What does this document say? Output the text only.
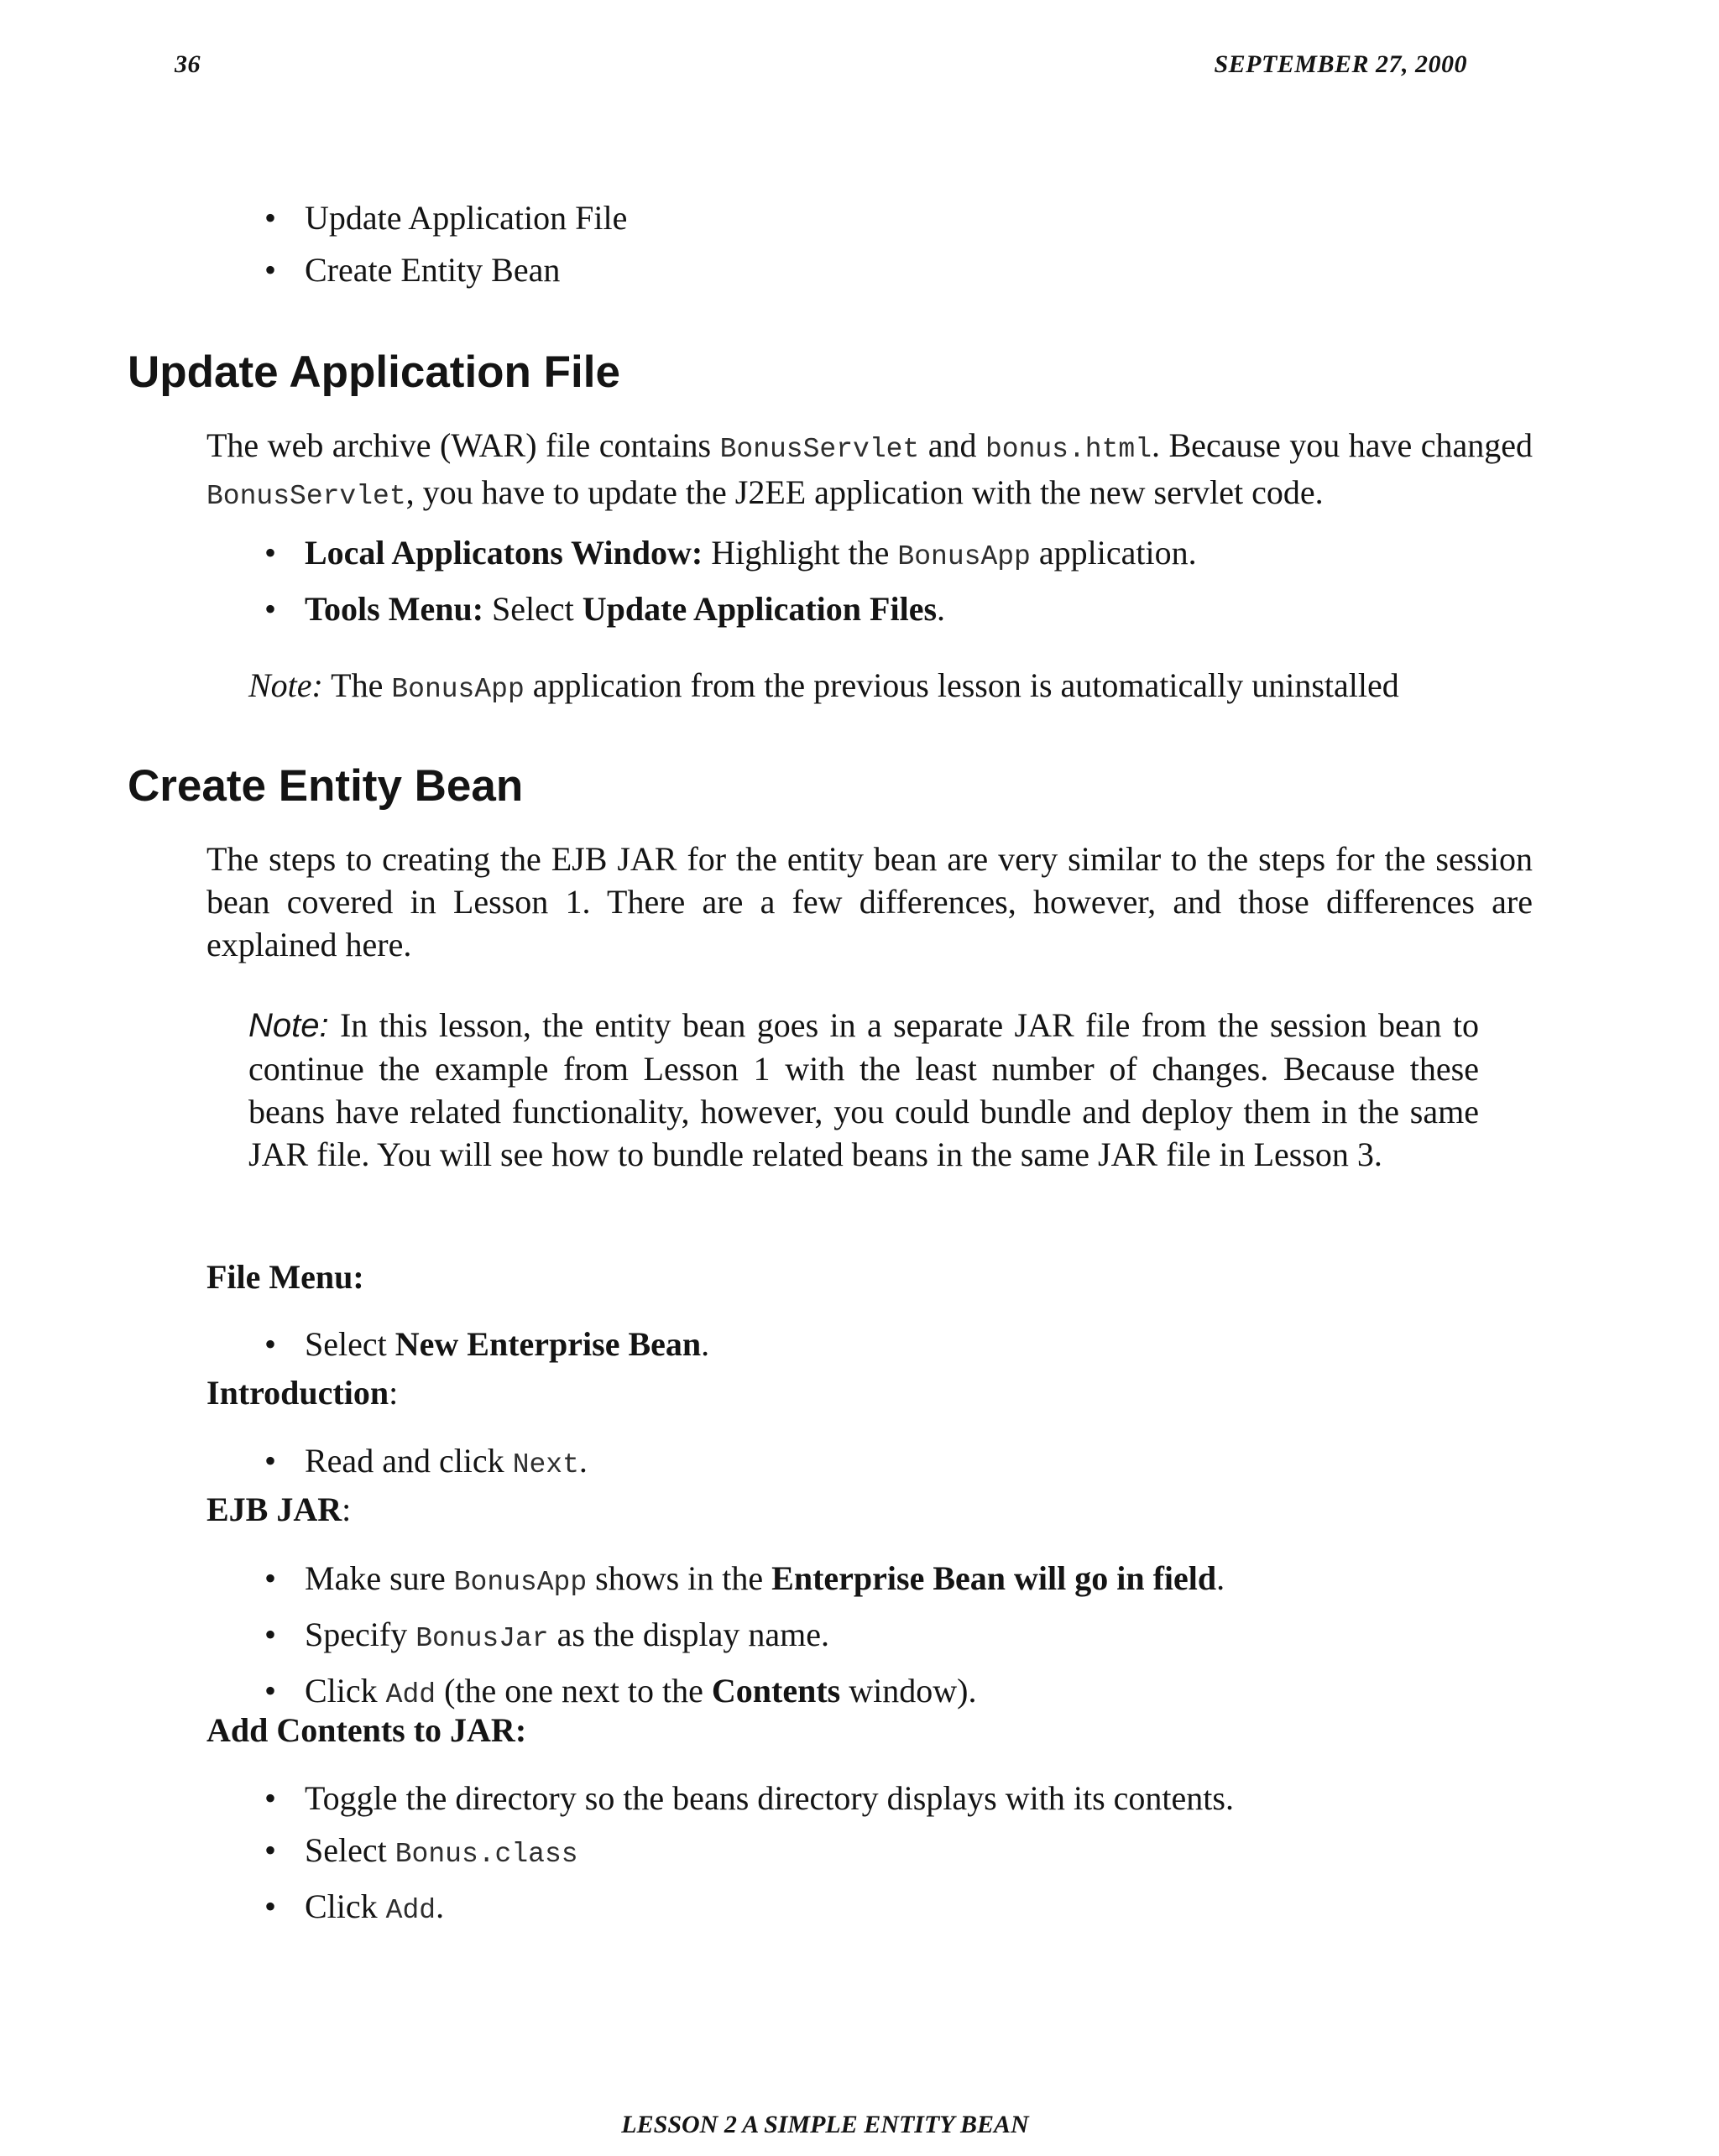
36	SEPTEMBER 27, 2000
• Update Application File
• Create Entity Bean
Update Application File

The web archive (WAR) file contains BonusServlet and bonus.html. Because you have changed BonusServlet, you have to update the J2EE application with the new servlet code.

• Local Applicatons Window: Highlight the BonusApp application.
• Tools Menu: Select Update Application Files.

Note: The BonusApp application from the previous lesson is automatically uninstalled

Create Entity Bean

The steps to creating the EJB JAR for the entity bean are very similar to the steps for the session bean covered in Lesson 1. There are a few differences, however, and those differences are explained here.

Note: In this lesson, the entity bean goes in a separate JAR file from the session bean to continue the example from Lesson 1 with the least number of changes. Because these beans have related functionality, however, you could bundle and deploy them in the same JAR file. You will see how to bundle related beans in the same JAR file in Lesson 3.

File Menu:

• Select New Enterprise Bean.

Introduction:

• Read and click Next.

EJB JAR:

• Make sure BonusApp shows in the Enterprise Bean will go in field.
• Specify BonusJar as the display name.
• Click Add (the one next to the Contents window).

Add Contents to JAR:

• Toggle the directory so the beans directory displays with its contents.
• Select Bonus.class
• Click Add.
LESSON 2 A SIMPLE ENTITY BEAN
